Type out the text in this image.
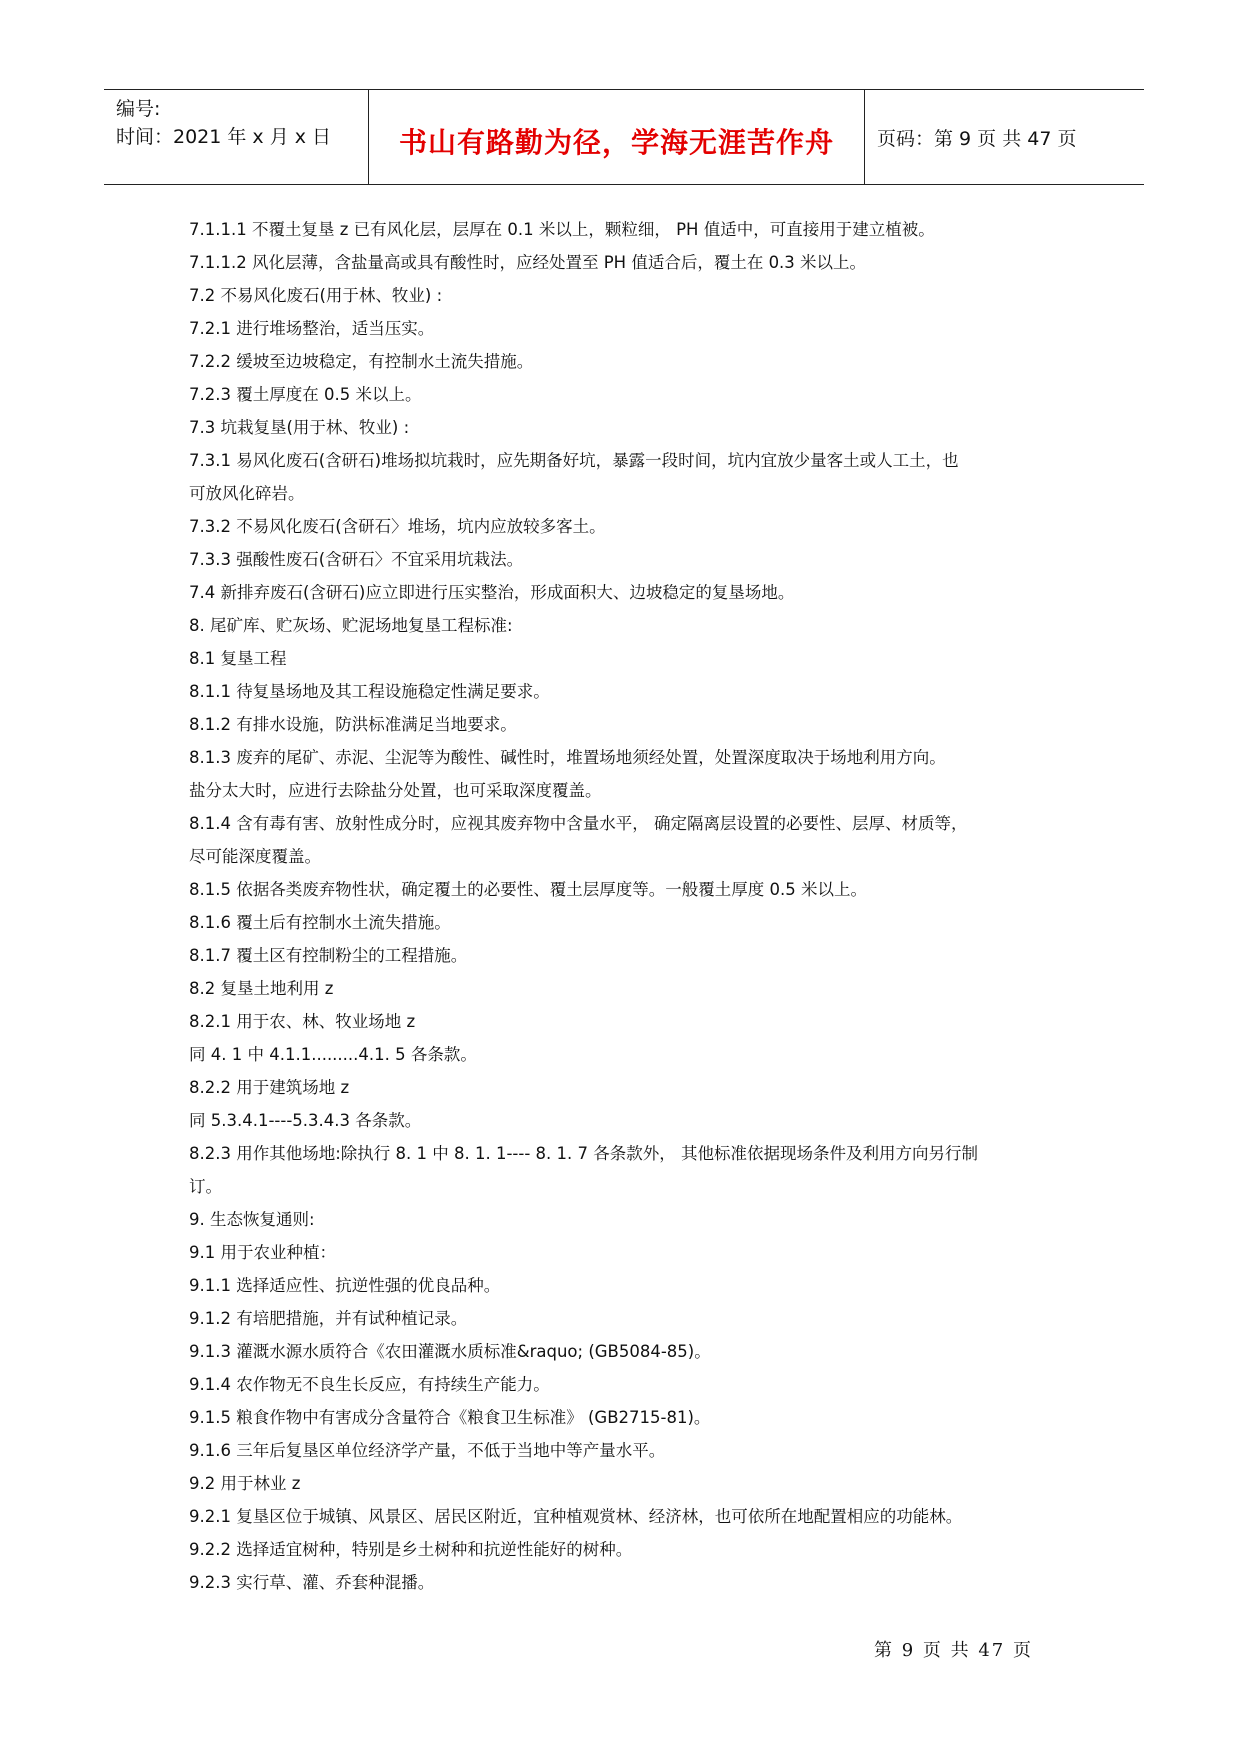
编号:
时间：2021 年 x 月 x 日	书山有路勤为径，学海无涯苦作舟	页码：第 9 页 共 47 页

7.1.1.1 不覆土复垦 z 已有风化层，层厚在 0.1 米以上，颗粒细， PH 值适中，可直接用于建立植被。

7.1.1.2 风化层薄，含盐量高或具有酸性时，应经处置至 PH 值适合后，覆土在 0.3 米以上。

7.2 不易风化废石(用于林、牧业) :

7.2.1 进行堆场整治，适当压实。

7.2.2 缓坡至边坡稳定，有控制水土流失措施。

7.2.3 覆土厚度在 0.5 米以上。

7.3 坑栽复垦(用于林、牧业) :

7.3.1 易风化废石(含研石)堆场拟坑栽时，应先期备好坑，暴露一段时间，坑内宜放少量客土或人工土，也

可放风化碎岩。

7.3.2 不易风化废石(含研石〉堆场，坑内应放较多客土。

7.3.3 强酸性废石(含研石〉不宜采用坑栽法。

7.4 新排弃废石(含研石)应立即进行压实整治，形成面积大、边坡稳定的复垦场地。

8. 尾矿库、贮灰场、贮泥场地复垦工程标准:

8.1 复垦工程

8.1.1 待复垦场地及其工程设施稳定性满足要求。

8.1.2 有排水设施，防洪标准满足当地要求。

8.1.3 废弃的尾矿、赤泥、尘泥等为酸性、碱性时，堆置场地须经处置，处置深度取决于场地利用方向。

盐分太大时，应进行去除盐分处置，也可采取深度覆盖。

8.1.4 含有毒有害、放射性成分时，应视其废弃物中含量水平， 确定隔离层设置的必要性、层厚、材质等，

尽可能深度覆盖。

8.1.5 依据各类废弃物性状，确定覆土的必要性、覆土层厚度等。一般覆土厚度 0.5 米以上。

8.1.6 覆土后有控制水土流失措施。

8.1.7 覆土区有控制粉尘的工程措施。

8.2 复垦土地利用 z

8.2.1 用于农、林、牧业场地 z

同 4. 1 中 4.1.1.........4.1. 5 各条款。

8.2.2 用于建筑场地 z

同 5.3.4.1----5.3.4.3 各条款。

8.2.3 用作其他场地:除执行 8. 1 中 8. 1. 1---- 8. 1. 7 各条款外， 其他标准依据现场条件及利用方向另行制

订。

9. 生态恢复通则:

9.1 用于农业种植：

9.1.1 选择适应性、抗逆性强的优良品种。

9.1.2 有培肥措施，并有试种植记录。

9.1.3 灌溉水源水质符合《农田灌溉水质标准&raquo; (GB5084-85)。

9.1.4 农作物无不良生长反应，有持续生产能力。

9.1.5 粮食作物中有害成分含量符合《粮食卫生标准》 (GB2715-81)。

9.1.6 三年后复垦区单位经济学产量，不低于当地中等产量水平。

9.2 用于林业 z

9.2.1 复垦区位于城镇、风景区、居民区附近，宜种植观赏林、经济林，也可依所在地配置相应的功能林。

9.2.2 选择适宜树种，特别是乡土树种和抗逆性能好的树种。

9.2.3 实行草、灌、乔套种混播。

第 9 页 共 47 页
